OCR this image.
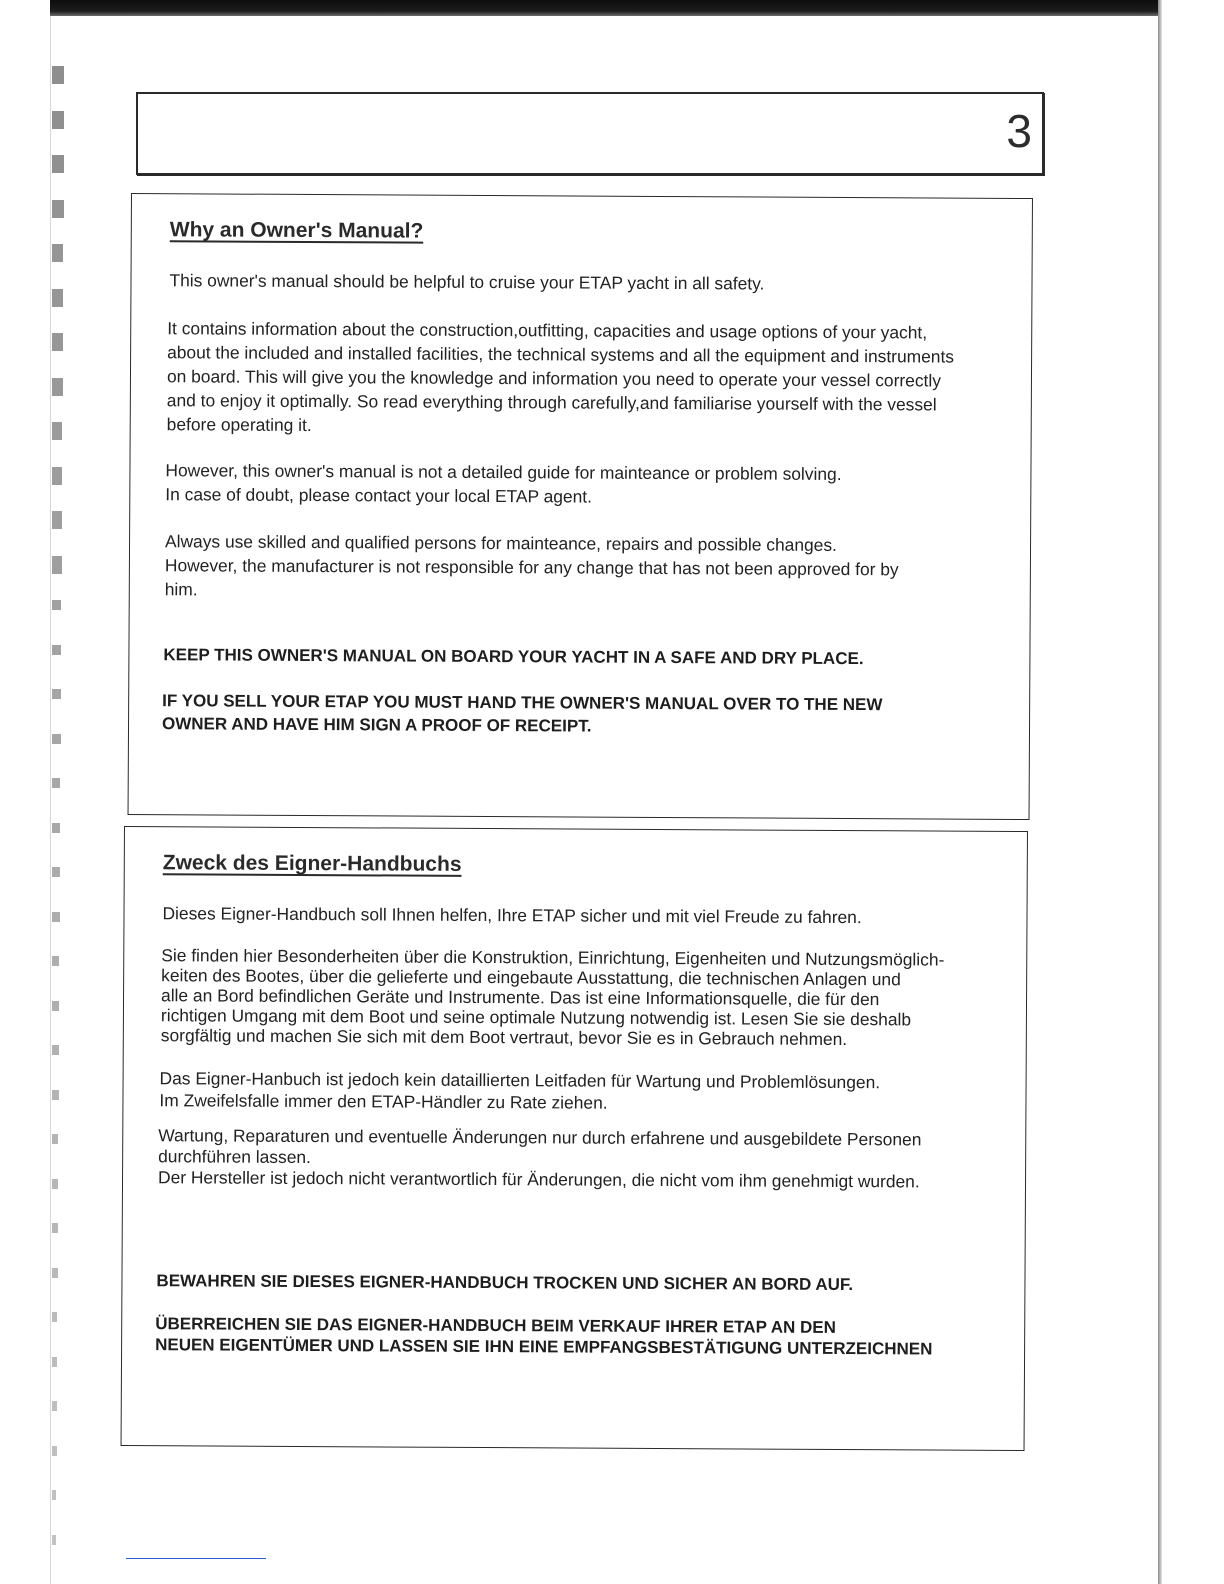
3
Why an Owner's Manual?

This owner's manual should be helpful to cruise your ETAP yacht in all safety.

It contains information about the construction,outfitting, capacities and usage options of your yacht,
about the included and installed facilities, the technical systems and all the equipment and instruments
on board. This will give you the knowledge and information you need to operate your vessel correctly
and to enjoy it optimally. So read everything through carefully,and familiarise yourself with the vessel
before operating it.

However, this owner's manual is not a detailed guide for mainteance or problem solving.
In case of doubt, please contact your local ETAP agent.

Always use skilled and qualified persons for mainteance, repairs and possible changes.
However, the manufacturer is not responsible for any change that has not been approved for by
him.

KEEP THIS OWNER'S MANUAL ON BOARD YOUR YACHT IN A SAFE AND DRY PLACE.

IF YOU SELL YOUR ETAP YOU MUST HAND THE OWNER'S MANUAL OVER TO THE NEW
OWNER AND HAVE HIM SIGN A PROOF OF RECEIPT.

Zweck des Eigner-Handbuchs

Dieses Eigner-Handbuch soll Ihnen helfen, Ihre ETAP sicher und mit viel Freude zu fahren.

Sie finden hier Besonderheiten über die Konstruktion, Einrichtung, Eigenheiten und Nutzungsmöglich-
keiten des Bootes, über die gelieferte und eingebaute Ausstattung, die technischen Anlagen und
alle an Bord befindlichen Geräte und Instrumente. Das ist eine Informationsquelle, die für den
richtigen Umgang mit dem Boot und seine optimale Nutzung notwendig ist. Lesen Sie sie deshalb
sorgfältig und machen Sie sich mit dem Boot vertraut, bevor Sie es in Gebrauch nehmen.

Das Eigner-Hanbuch ist jedoch kein dataillierten Leitfaden für Wartung und Problemlösungen.
Im Zweifelsfalle immer den ETAP-Händler zu Rate ziehen.

Wartung, Reparaturen und eventuelle Änderungen nur durch erfahrene und ausgebildete Personen
durchführen lassen.
Der Hersteller ist jedoch nicht verantwortlich für Änderungen, die nicht vom ihm genehmigt wurden.

BEWAHREN SIE DIESES EIGNER-HANDBUCH TROCKEN UND SICHER AN BORD AUF.

ÜBERREICHEN SIE DAS EIGNER-HANDBUCH BEIM VERKAUF IHRER ETAP AN DEN
NEUEN EIGENTÜMER UND LASSEN SIE IHN EINE EMPFANGSBESTÄTIGUNG UNTERZEICHNEN
